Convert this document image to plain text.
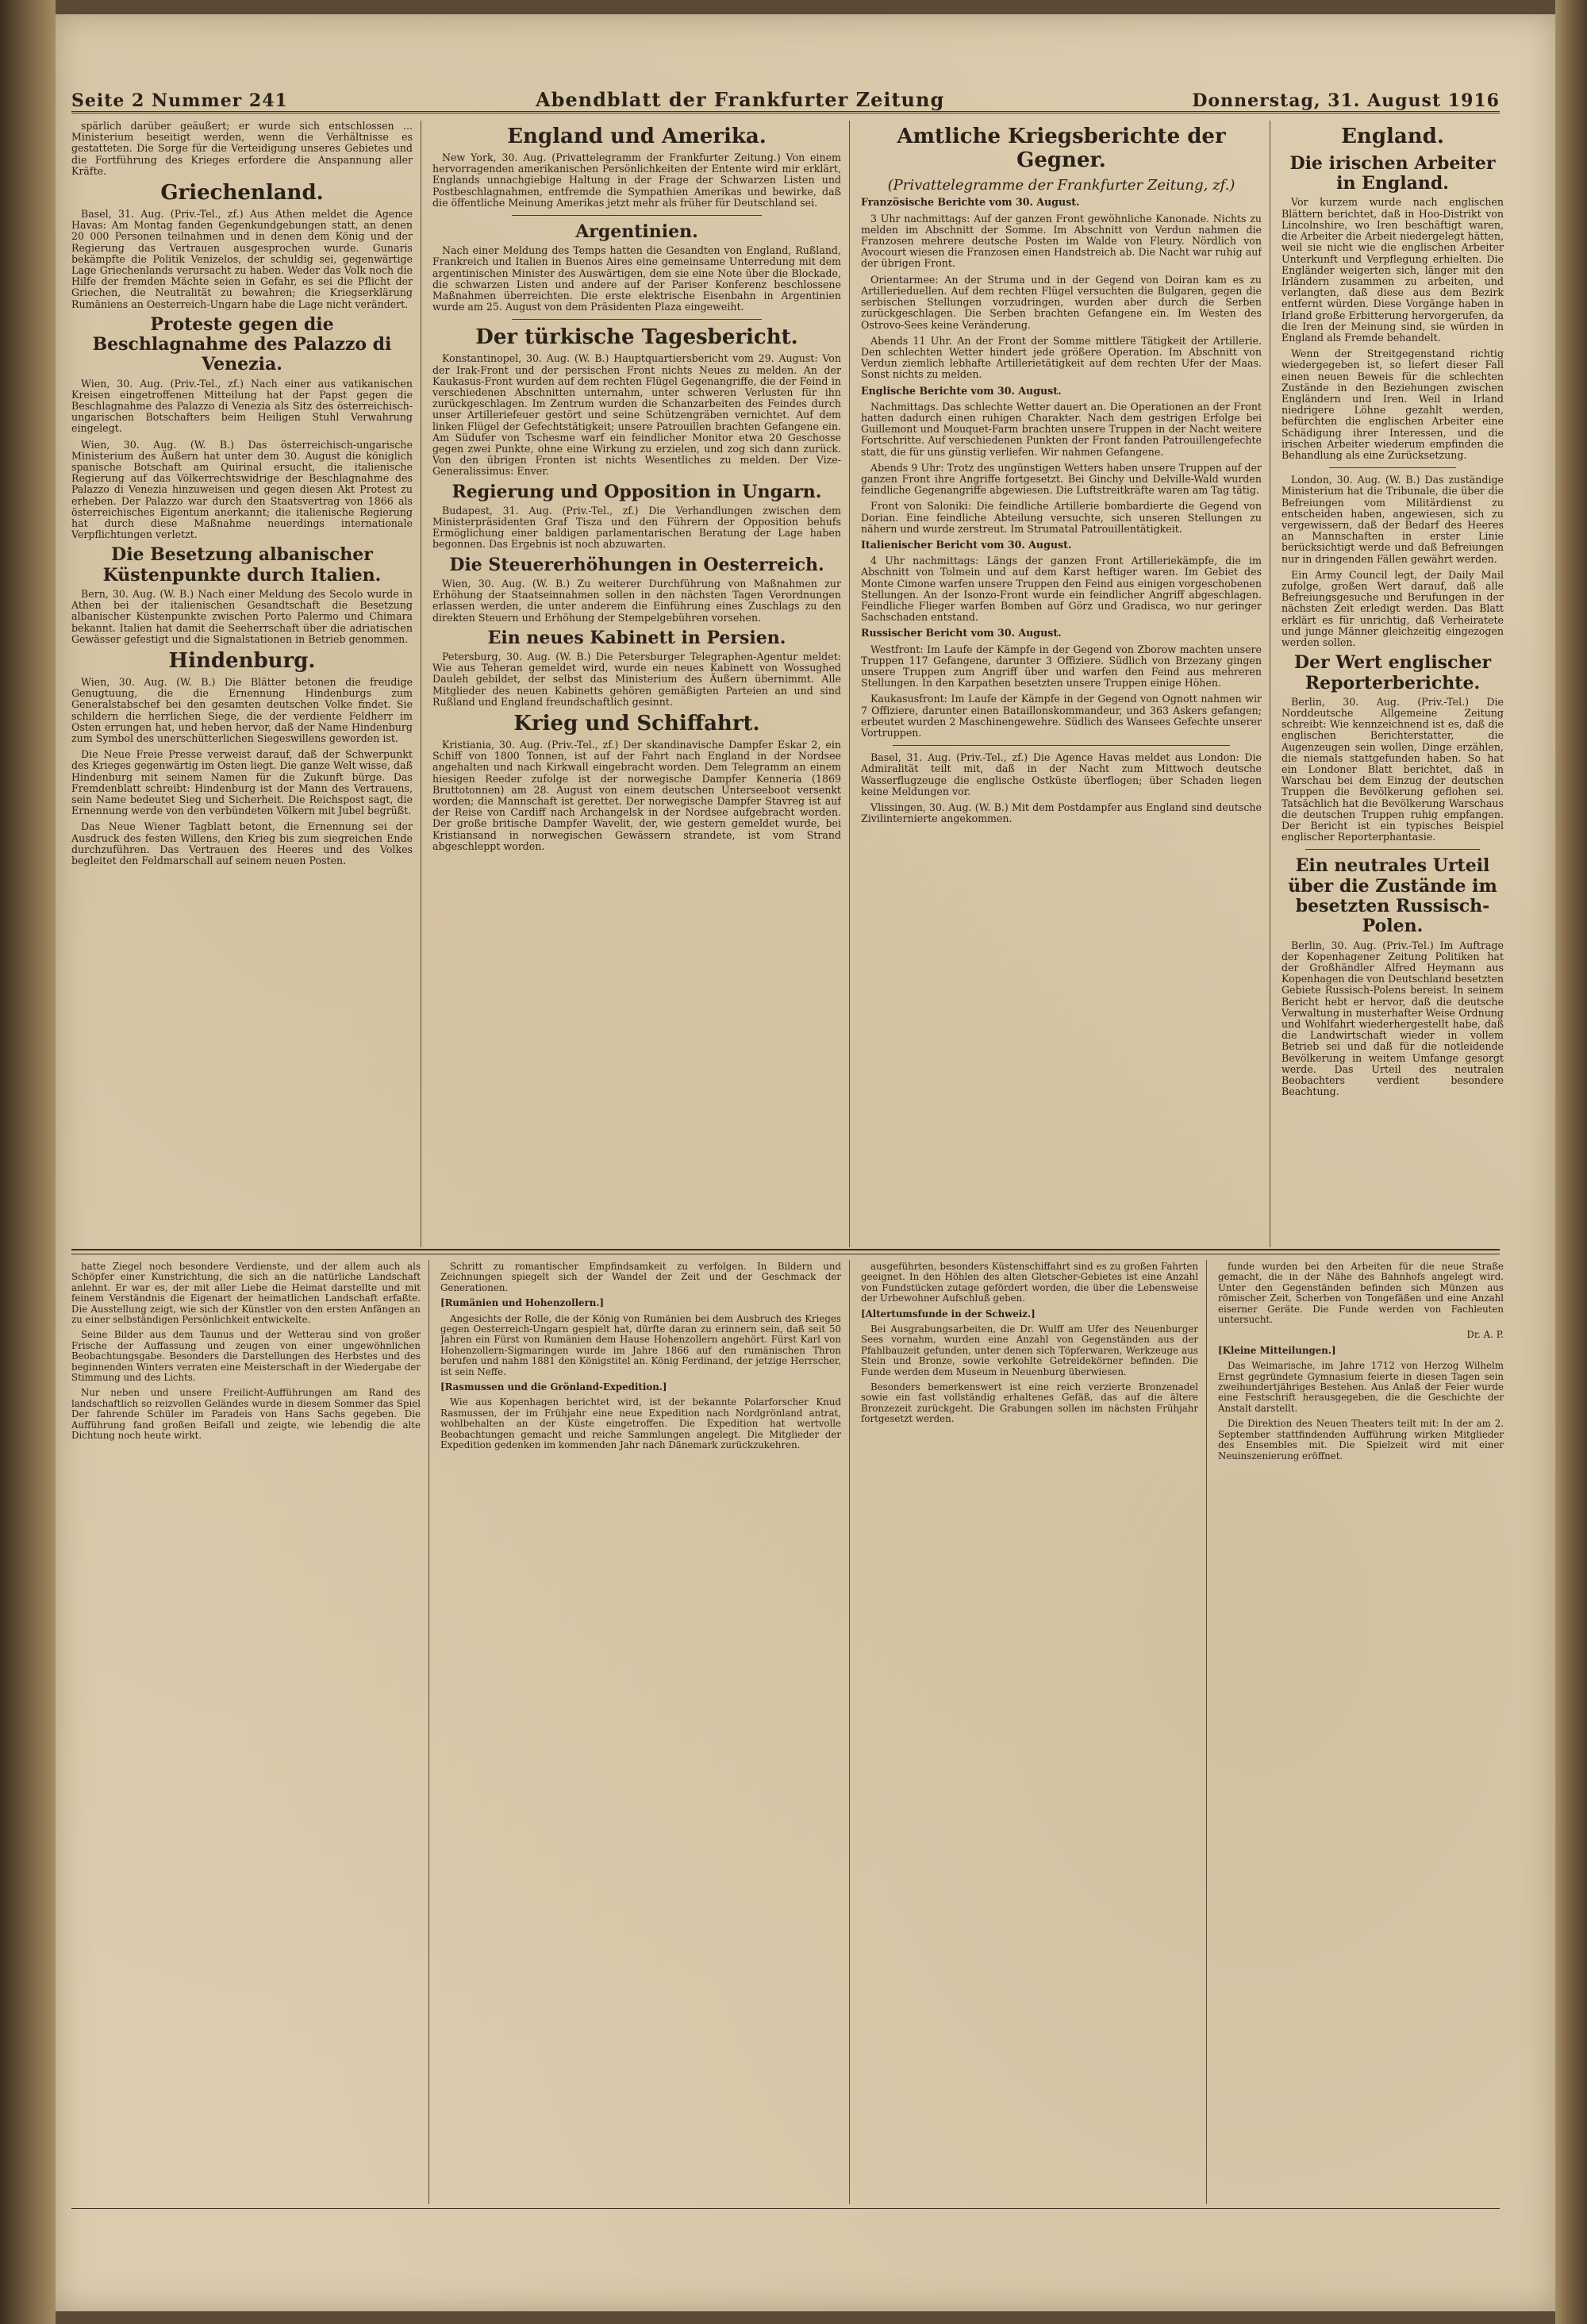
Seite 2 Nummer 241	Abendblatt der Frankfurter Zeitung	Donnerstag, 31. August 1916

spärlich darüber geäußert; er wurde sich entschlossen ... Ministerium beseitigt werden, wenn die Verhältnisse es gestatteten. Die Sorge für die Verteidigung unseres Gebietes und die Fortführung des Krieges erfordere die Anspannung aller Kräfte.

Griechenland.

Basel, 31. Aug. (Priv.-Tel., zf.) Aus Athen meldet die Agence Havas: Am Montag fanden Gegenkundgebungen statt, an denen 20 000 Personen teilnahmen und in denen dem König und der Regierung das Vertrauen ausgesprochen wurde. Gunaris bekämpfte die Politik Venizelos, der schuldig sei, gegenwärtige Lage Griechenlands verursacht zu haben. Weder das Volk noch die Hilfe der fremden Mächte seien in Gefahr, es sei die Pflicht der Griechen, die Neutralität zu bewahren; die Kriegserklärung Rumäniens an Oesterreich-Ungarn habe die Lage nicht verändert.

Proteste gegen die Beschlagnahme des Palazzo di Venezia.

Wien, 30. Aug. (Priv.-Tel., zf.) Nach einer aus vatikanischen Kreisen eingetroffenen Mitteilung hat der Papst gegen die Beschlagnahme des Palazzo di Venezia als Sitz des österreichisch-ungarischen Botschafters beim Heiligen Stuhl Verwahrung eingelegt.

Wien, 30. Aug. (W. B.) Das österreichisch-ungarische Ministerium des Äußern hat unter dem 30. August die königlich spanische Botschaft am Quirinal ersucht, die italienische Regierung auf das Völkerrechtswidrige der Beschlagnahme des Palazzo di Venezia hinzuweisen und gegen diesen Akt Protest zu erheben. Der Palazzo war durch den Staatsvertrag von 1866 als österreichisches Eigentum anerkannt; die italienische Regierung hat durch diese Maßnahme neuerdings internationale Verpflichtungen verletzt.

Die Besetzung albanischer Küstenpunkte durch Italien.

Bern, 30. Aug. (W. B.) Nach einer Meldung des Secolo wurde in Athen bei der italienischen Gesandtschaft die Besetzung albanischer Küstenpunkte zwischen Porto Palermo und Chimara bekannt. Italien hat damit die Seeherrschaft über die adriatischen Gewässer gefestigt und die Signalstationen in Betrieb genommen.

Hindenburg.

Wien, 30. Aug. (W. B.) Die Blätter betonen die freudige Genugtuung, die die Ernennung Hindenburgs zum Generalstabschef bei den gesamten deutschen Volke findet. Sie schildern die herrlichen Siege, die der verdiente Feldherr im Osten errungen hat, und heben hervor, daß der Name Hindenburg zum Symbol des unerschütterlichen Siegeswillens geworden ist.

Die Neue Freie Presse verweist darauf, daß der Schwerpunkt des Krieges gegenwärtig im Osten liegt. Die ganze Welt wisse, daß Hindenburg mit seinem Namen für die Zukunft bürge. Das Fremdenblatt schreibt: Hindenburg ist der Mann des Vertrauens, sein Name bedeutet Sieg und Sicherheit. Die Reichspost sagt, die Ernennung werde von den verbündeten Völkern mit Jubel begrüßt.

Das Neue Wiener Tagblatt betont, die Ernennung sei der Ausdruck des festen Willens, den Krieg bis zum siegreichen Ende durchzuführen. Das Vertrauen des Heeres und des Volkes begleitet den Feldmarschall auf seinem neuen Posten.

England und Amerika.

New York, 30. Aug. (Privattelegramm der Frankfurter Zeitung.) Von einem hervorragenden amerikanischen Persönlichkeiten der Entente wird mir erklärt, Englands unnachgiebige Haltung in der Frage der Schwarzen Listen und Postbeschlagnahmen, entfremde die Sympathien Amerikas und bewirke, daß die öffentliche Meinung Amerikas jetzt mehr als früher für Deutschland sei.

Argentinien.

Nach einer Meldung des Temps hatten die Gesandten von England, Rußland, Frankreich und Italien in Buenos Aires eine gemeinsame Unterredung mit dem argentinischen Minister des Auswärtigen, dem sie eine Note über die Blockade, die schwarzen Listen und andere auf der Pariser Konferenz beschlossene Maßnahmen überreichten. Die erste elektrische Eisenbahn in Argentinien wurde am 25. August von dem Präsidenten Plaza eingeweiht.

Der türkische Tagesbericht.

Konstantinopel, 30. Aug. (W. B.) Hauptquartiersbericht vom 29. August: Von der Irak-Front und der persischen Front nichts Neues zu melden. An der Kaukasus-Front wurden auf dem rechten Flügel Gegenangriffe, die der Feind in verschiedenen Abschnitten unternahm, unter schweren Verlusten für ihn zurückgeschlagen. Im Zentrum wurden die Schanzarbeiten des Feindes durch unser Artilleriefeuer gestört und seine Schützengräben vernichtet. Auf dem linken Flügel der Gefechtstätigkeit; unsere Patrouillen brachten Gefangene ein. Am Südufer von Tschesme warf ein feindlicher Monitor etwa 20 Geschosse gegen zwei Punkte, ohne eine Wirkung zu erzielen, und zog sich dann zurück. Von den übrigen Fronten ist nichts Wesentliches zu melden. Der Vize-Generalissimus: Enver.

Regierung und Opposition in Ungarn.

Budapest, 31. Aug. (Priv.-Tel., zf.) Die Verhandlungen zwischen dem Ministerpräsidenten Graf Tisza und den Führern der Opposition behufs Ermöglichung einer baldigen parlamentarischen Beratung der Lage haben begonnen. Das Ergebnis ist noch abzuwarten.

Die Steuererhöhungen in Oesterreich.

Wien, 30. Aug. (W. B.) Zu weiterer Durchführung von Maßnahmen zur Erhöhung der Staatseinnahmen sollen in den nächsten Tagen Verordnungen erlassen werden, die unter anderem die Einführung eines Zuschlags zu den direkten Steuern und Erhöhung der Stempelgebühren vorsehen.

Ein neues Kabinett in Persien.

Petersburg, 30. Aug. (W. B.) Die Petersburger Telegraphen-Agentur meldet: Wie aus Teheran gemeldet wird, wurde ein neues Kabinett von Wossughed Dauleh gebildet, der selbst das Ministerium des Äußern übernimmt. Alle Mitglieder des neuen Kabinetts gehören gemäßigten Parteien an und sind Rußland und England freundschaftlich gesinnt.

Krieg und Schiffahrt.

Kristiania, 30. Aug. (Priv.-Tel., zf.) Der skandinavische Dampfer Eskar 2, ein Schiff von 1800 Tonnen, ist auf der Fahrt nach England in der Nordsee angehalten und nach Kirkwall eingebracht worden. Dem Telegramm an einem hiesigen Reeder zufolge ist der norwegische Dampfer Kenneria (1869 Bruttotonnen) am 28. August von einem deutschen Unterseeboot versenkt worden; die Mannschaft ist gerettet. Der norwegische Dampfer Stavreg ist auf der Reise von Cardiff nach Archangelsk in der Nordsee aufgebracht worden. Der große britische Dampfer Wavelit, der, wie gestern gemeldet wurde, bei Kristiansand in norwegischen Gewässern strandete, ist vom Strand abgeschleppt worden.

Amtliche Kriegsberichte der Gegner.
(Privattelegramme der Frankfurter Zeitung, zf.)

Französische Berichte vom 30. August.

3 Uhr nachmittags: Auf der ganzen Front gewöhnliche Kanonade. Nichts zu melden im Abschnitt der Somme. Im Abschnitt von Verdun nahmen die Franzosen mehrere deutsche Posten im Walde von Fleury. Nördlich von Avocourt wiesen die Franzosen einen Handstreich ab. Die Nacht war ruhig auf der übrigen Front.

Orientarmee: An der Struma und in der Gegend von Doiran kam es zu Artillerieduellen. Auf dem rechten Flügel versuchten die Bulgaren, gegen die serbischen Stellungen vorzudringen, wurden aber durch die Serben zurückgeschlagen. Die Serben brachten Gefangene ein. Im Westen des Ostrovo-Sees keine Veränderung.

Abends 11 Uhr. An der Front der Somme mittlere Tätigkeit der Artillerie. Den schlechten Wetter hindert jede größere Operation. Im Abschnitt von Verdun ziemlich lebhafte Artillerietätigkeit auf dem rechten Ufer der Maas. Sonst nichts zu melden.

Englische Berichte vom 30. August.

Nachmittags. Das schlechte Wetter dauert an. Die Operationen an der Front hatten dadurch einen ruhigen Charakter. Nach dem gestrigen Erfolge bei Guillemont und Mouquet-Farm brachten unsere Truppen in der Nacht weitere Fortschritte. Auf verschiedenen Punkten der Front fanden Patrouillengefechte statt, die für uns günstig verliefen. Wir nahmen Gefangene.

Abends 9 Uhr: Trotz des ungünstigen Wetters haben unsere Truppen auf der ganzen Front ihre Angriffe fortgesetzt. Bei Ginchy und Delville-Wald wurden feindliche Gegenangriffe abgewiesen. Die Luftstreitkräfte waren am Tag tätig.

Front von Saloniki: Die feindliche Artillerie bombardierte die Gegend von Dorian. Eine feindliche Abteilung versuchte, sich unseren Stellungen zu nähern und wurde zerstreut. Im Strumatal Patrouillentätigkeit.

Italienischer Bericht vom 30. August.

4 Uhr nachmittags: Längs der ganzen Front Artilleriekämpfe, die im Abschnitt von Tolmein und auf dem Karst heftiger waren. Im Gebiet des Monte Cimone warfen unsere Truppen den Feind aus einigen vorgeschobenen Stellungen. An der Isonzo-Front wurde ein feindlicher Angriff abgeschlagen. Feindliche Flieger warfen Bomben auf Görz und Gradisca, wo nur geringer Sachschaden entstand.

Russischer Bericht vom 30. August.

Westfront: Im Laufe der Kämpfe in der Gegend von Zborow machten unsere Truppen 117 Gefangene, darunter 3 Offiziere. Südlich von Brzezany gingen unsere Truppen zum Angriff über und warfen den Feind aus mehreren Stellungen. In den Karpathen besetzten unsere Truppen einige Höhen.

Kaukasusfront: Im Laufe der Kämpfe in der Gegend von Ognott nahmen wir 7 Offiziere, darunter einen Bataillonskommandeur, und 363 Askers gefangen; erbeutet wurden 2 Maschinengewehre. Südlich des Wansees Gefechte unserer Vortruppen.

Basel, 31. Aug. (Priv.-Tel., zf.) Die Agence Havas meldet aus London: Die Admiralität teilt mit, daß in der Nacht zum Mittwoch deutsche Wasserflugzeuge die englische Ostküste überflogen; über Schaden liegen keine Meldungen vor.

Vlissingen, 30. Aug. (W. B.) Mit dem Postdampfer aus England sind deutsche Zivilinternierte angekommen.

England.
Die irischen Arbeiter in England.

Vor kurzem wurde nach englischen Blättern berichtet, daß in Hoo-Distrikt von Lincolnshire, wo Iren beschäftigt waren, die Arbeiter die Arbeit niedergelegt hätten, weil sie nicht wie die englischen Arbeiter Unterkunft und Verpflegung erhielten. Die Engländer weigerten sich, länger mit den Irländern zusammen zu arbeiten, und verlangten, daß diese aus dem Bezirk entfernt würden. Diese Vorgänge haben in Irland große Erbitterung hervorgerufen, da die Iren der Meinung sind, sie würden in England als Fremde behandelt.

Wenn der Streitgegenstand richtig wiedergegeben ist, so liefert dieser Fall einen neuen Beweis für die schlechten Zustände in den Beziehungen zwischen Engländern und Iren. Weil in Irland niedrigere Löhne gezahlt werden, befürchten die englischen Arbeiter eine Schädigung ihrer Interessen, und die irischen Arbeiter wiederum empfinden die Behandlung als eine Zurücksetzung.

London, 30. Aug. (W. B.) Das zuständige Ministerium hat die Tribunale, die über die Befreiungen vom Militärdienst zu entscheiden haben, angewiesen, sich zu vergewissern, daß der Bedarf des Heeres an Mannschaften in erster Linie berücksichtigt werde und daß Befreiungen nur in dringenden Fällen gewährt werden.

Ein Army Council legt, der Daily Mail zufolge, großen Wert darauf, daß alle Befreiungsgesuche und Berufungen in der nächsten Zeit erledigt werden. Das Blatt erklärt es für unrichtig, daß Verheiratete und junge Männer gleichzeitig eingezogen werden sollen.

Der Wert englischer Reporterberichte.

Berlin, 30. Aug. (Priv.-Tel.) Die Norddeutsche Allgemeine Zeitung schreibt: Wie kennzeichnend ist es, daß die englischen Berichterstatter, die Augenzeugen sein wollen, Dinge erzählen, die niemals stattgefunden haben. So hat ein Londoner Blatt berichtet, daß in Warschau bei dem Einzug der deutschen Truppen die Bevölkerung geflohen sei. Tatsächlich hat die Bevölkerung Warschaus die deutschen Truppen ruhig empfangen. Der Bericht ist ein typisches Beispiel englischer Reporterphantasie.

Ein neutrales Urteil über die Zustände im besetzten Russisch-Polen.

Berlin, 30. Aug. (Priv.-Tel.) Im Auftrage der Kopenhagener Zeitung Politiken hat der Großhändler Alfred Heymann aus Kopenhagen die von Deutschland besetzten Gebiete Russisch-Polens bereist. In seinem Bericht hebt er hervor, daß die deutsche Verwaltung in musterhafter Weise Ordnung und Wohlfahrt wiederhergestellt habe, daß die Landwirtschaft wieder in vollem Betrieb sei und daß für die notleidende Bevölkerung in weitem Umfange gesorgt werde. Das Urteil des neutralen Beobachters verdient besondere Beachtung.

hatte Ziegel noch besondere Verdienste, und der allem auch als Schöpfer einer Kunstrichtung, die sich an die natürliche Landschaft anlehnt. Er war es, der mit aller Liebe die Heimat darstellte und mit feinem Verständnis die Eigenart der heimatlichen Landschaft erfaßte. Die Ausstellung zeigt, wie sich der Künstler von den ersten Anfängen an zu einer selbständigen Persönlichkeit entwickelte.

Seine Bilder aus dem Taunus und der Wetterau sind von großer Frische der Auffassung und zeugen von einer ungewöhnlichen Beobachtungsgabe. Besonders die Darstellungen des Herbstes und des beginnenden Winters verraten eine Meisterschaft in der Wiedergabe der Stimmung und des Lichts.

Nur neben und unsere Freilicht-Aufführungen am Rand des landschaftlich so reizvollen Geländes wurde in diesem Sommer das Spiel Der fahrende Schüler im Paradeis von Hans Sachs gegeben. Die Aufführung fand großen Beifall und zeigte, wie lebendig die alte Dichtung noch heute wirkt.

Schritt zu romantischer Empfindsamkeit zu verfolgen. In Bildern und Zeichnungen spiegelt sich der Wandel der Zeit und der Geschmack der Generationen.

[Rumänien und Hohenzollern.]

Angesichts der Rolle, die der König von Rumänien bei dem Ausbruch des Krieges gegen Oesterreich-Ungarn gespielt hat, dürfte daran zu erinnern sein, daß seit 50 Jahren ein Fürst von Rumänien dem Hause Hohenzollern angehört. Fürst Karl von Hohenzollern-Sigmaringen wurde im Jahre 1866 auf den rumänischen Thron berufen und nahm 1881 den Königstitel an. König Ferdinand, der jetzige Herrscher, ist sein Neffe.

[Rasmussen und die Grönland-Expedition.]

Wie aus Kopenhagen berichtet wird, ist der bekannte Polarforscher Knud Rasmussen, der im Frühjahr eine neue Expedition nach Nordgrönland antrat, wohlbehalten an der Küste eingetroffen. Die Expedition hat wertvolle Beobachtungen gemacht und reiche Sammlungen angelegt. Die Mitglieder der Expedition gedenken im kommenden Jahr nach Dänemark zurückzukehren.

ausgeführten, besonders Küstenschiffahrt sind es zu großen Fahrten geeignet. In den Höhlen des alten Gletscher-Gebietes ist eine Anzahl von Fundstücken zutage gefördert worden, die über die Lebensweise der Urbewohner Aufschluß geben.

[Altertumsfunde in der Schweiz.]

Bei Ausgrabungsarbeiten, die Dr. Wulff am Ufer des Neuenburger Sees vornahm, wurden eine Anzahl von Gegenständen aus der Pfahlbauzeit gefunden, unter denen sich Töpferwaren, Werkzeuge aus Stein und Bronze, sowie verkohlte Getreidekörner befinden. Die Funde werden dem Museum in Neuenburg überwiesen.

Besonders bemerkenswert ist eine reich verzierte Bronzenadel sowie ein fast vollständig erhaltenes Gefäß, das auf die ältere Bronzezeit zurückgeht. Die Grabungen sollen im nächsten Frühjahr fortgesetzt werden.

funde wurden bei den Arbeiten für die neue Straße gemacht, die in der Nähe des Bahnhofs angelegt wird. Unter den Gegenständen befinden sich Münzen aus römischer Zeit, Scherben von Tongefäßen und eine Anzahl eiserner Geräte. Die Funde werden von Fachleuten untersucht.

Dr. A. P.

[Kleine Mitteilungen.]

Das Weimarische, im Jahre 1712 von Herzog Wilhelm Ernst gegründete Gymnasium feierte in diesen Tagen sein zweihundertjähriges Bestehen. Aus Anlaß der Feier wurde eine Festschrift herausgegeben, die die Geschichte der Anstalt darstellt.

Die Direktion des Neuen Theaters teilt mit: In der am 2. September stattfindenden Aufführung wirken Mitglieder des Ensembles mit. Die Spielzeit wird mit einer Neuinszenierung eröffnet.
